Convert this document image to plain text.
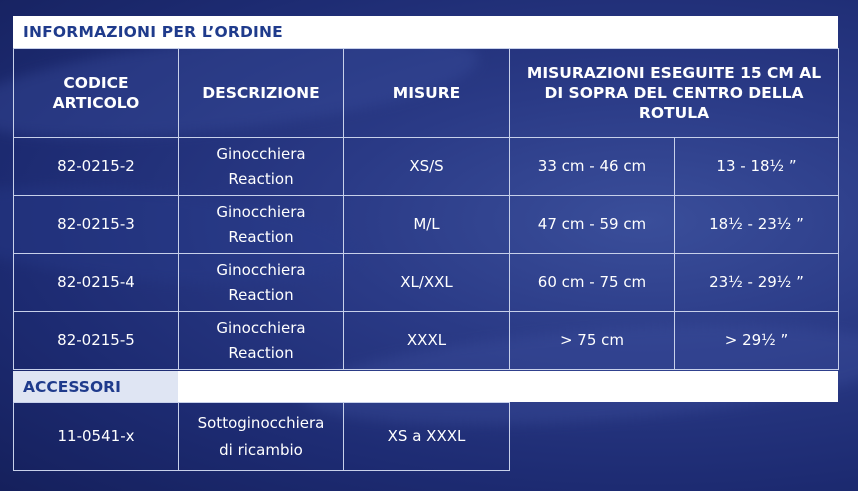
INFORMAZIONI PER L’ORDINE
CODICE ARTICOLO	DESCRIZIONE	MISURE	MISURAZIONI ESEGUITE 15 CM AL DI SOPRA DEL CENTRO DELLA ROTULA	
82-0215-2	Ginocchiera Reaction	XS/S	33 cm - 46 cm	13 - 18½ ”
82-0215-3	Ginocchiera Reaction	M/L	47 cm - 59 cm	18½ - 23½ ”
82-0215-4	Ginocchiera Reaction	XL/XXL	60 cm - 75 cm	23½ - 29½ ”
82-0215-5	Ginocchiera Reaction	XXXL	> 75 cm	> 29½ ”
ACCESSORI
11-0541-x	Sottoginocchiera di ricambio	XS a XXXL
